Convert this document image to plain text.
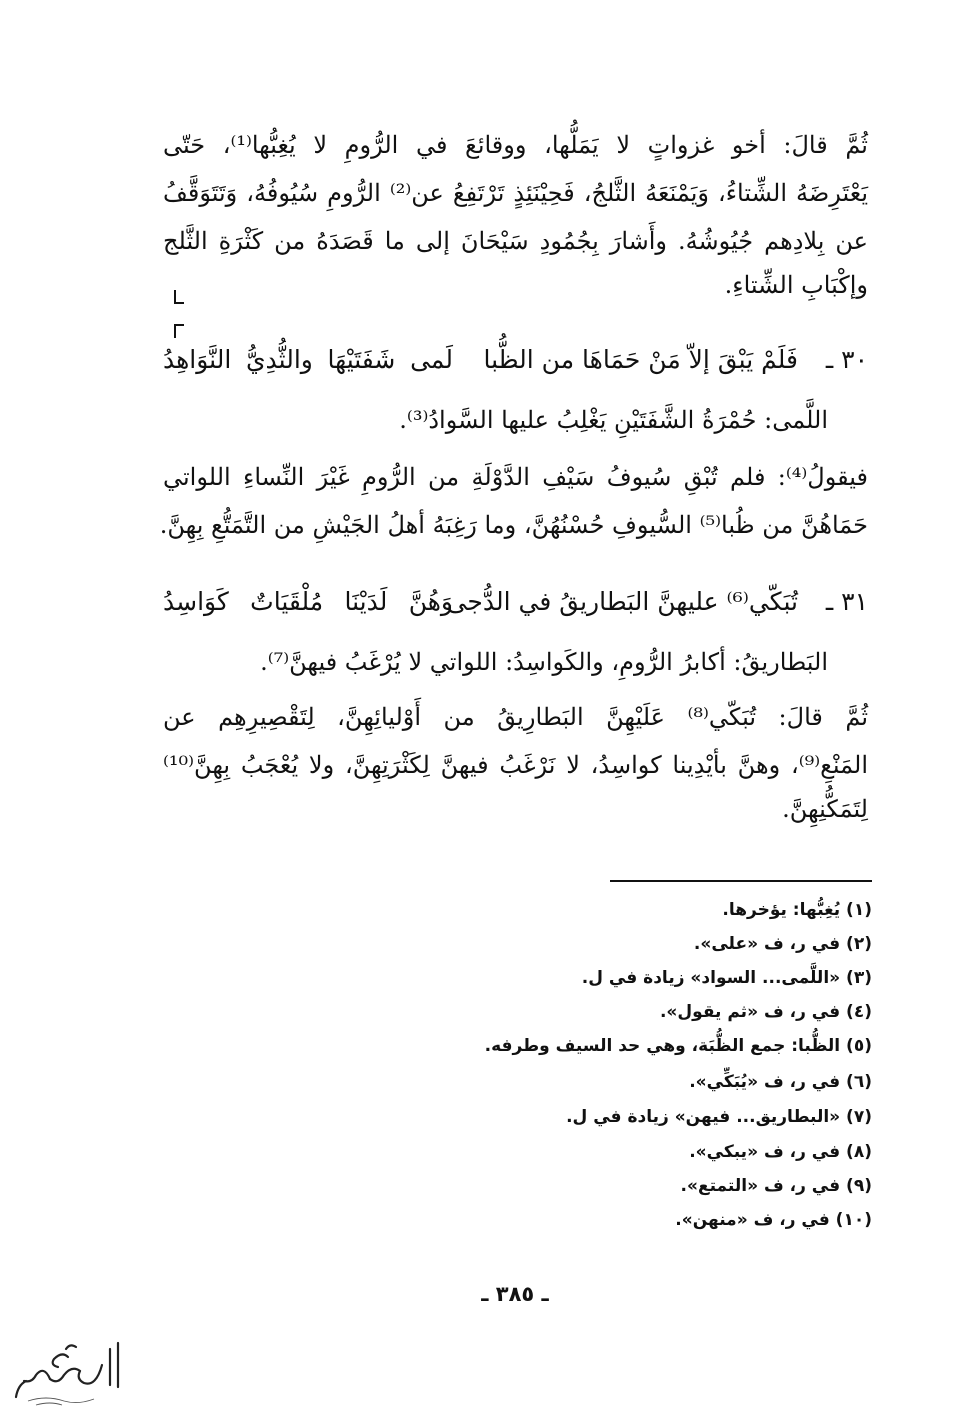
ثُمَّ قالَ: أخو غزواتٍ لا يَمَلُّها، ووقائعَ في الرُّومِ لا يُغِبُّها⁽¹⁾، حَتّى
يَعْتَرِضَهُ الشِّتاءُ، وَيَمْنَعَهُ الثَّلجُ، فَحِيْنَئِذٍ تَرْتَفِعُ عن⁽²⁾ الرُّومِ سُيُوفُهُ، وَتَتَوَقَّفُ
عن بِلادِهم جُيُوشُهُ. وأَشارَ بِجُمُودِ سَيْحَانَ إلى ما قَصَدَهُ من كَثْرَةِ الثَّلج
وإكْبَابِ الشِّتاءِ.
٣٠ ـ
فَلَمْ يَبْقَ إلاّ مَنْ حَمَاهَا من الظُّبا
لَمى شَفَتَيْهَا والثُّدِيُّ النَّوَاهِدُ
اللَّمى: حُمْرَةُ الشَّفَتَيْنِ يَغْلِبُ عليها السَّوادُ⁽³⁾.
فيقولُ⁽⁴⁾: فلم تُبْقِ سُيوفُ سَيْفِ الدَّوْلَةِ من الرُّومِ غَيْرَ النِّساءِ اللواتي
حَمَاهُنَّ من ظُبا⁽⁵⁾ السُّيوفِ حُسْنُهُنَّ، وما رَغِبَهُ أهلُ الجَيْشِ من التَّمَتُّعِ بِهِنَّ.
٣١ ـ
تُبَكّي⁽⁶⁾ عليهنَّ البَطاريقُ في الدُّجى
وَهُنَّ لَدَيْنَا مُلْقَيَاتٌ كَوَاسِدُ
البَطاريقُ: أكابرُ الرُّومِ، والكَواسِدُ: اللواتي لا يُرْغَبُ فيهنَّ⁽⁷⁾.
ثُمَّ قالَ: تُبَكّي⁽⁸⁾ عَلَيْهِنَّ البَطارِيقُ من أَوْليائِهِنَّ، لِتَقْصِيرِهِم عن
المَنْعِ⁽⁹⁾، وهنَّ بأيْدِينا كواسِدُ، لا نَرْغَبُ فيهنَّ لِكَثْرَتِهِنَّ، ولا يُعْجَبُ بِهِنَّ⁽¹⁰⁾
لِتَمَكُّنِهِنَّ.
(١) يُغِبُّها: يؤخرها.
(٢) في ر، ف «على».
(٣) «اللَّمى... السواد» زيادة في ل.
(٤) في ر، ف «ثم يقول».
(٥) الظُّبا: جمع الظُّبَة، وهي حد السيف وطرفه.
(٦) في ر، ف «يُبَكِّي».
(٧) «البطاريق... فيهن» زيادة في ل.
(٨) في ر، ف «يبكي».
(٩) في ر، ف «التمتع».
(١٠) في ر، ف «منهن».
ـ ٣٨٥ ـ
